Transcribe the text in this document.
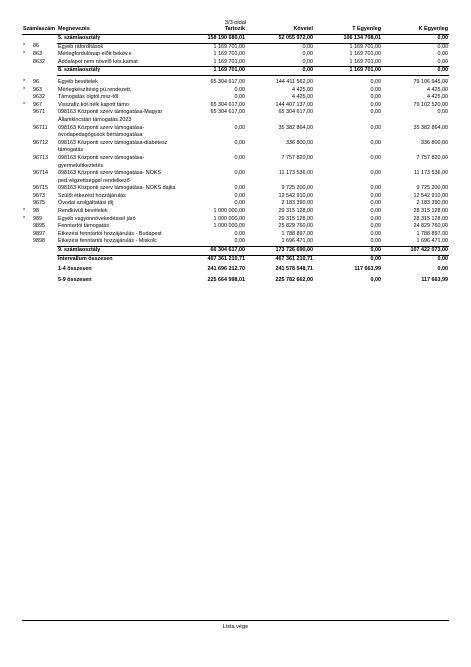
3/3 oldal
Számlaszám		Megnevezés	Tartozik	Követel	T Egyenleg	K Egyenleg
		5. számlaosztály	158 190 680,01	52 055 972,00	106 134 708,01	0,00
*	86	Egyéb ráfordítások	1 169 701,00	0,00	1 169 701,00	0,00
*	863	Mérlegfordulónap előtt beköv.e	1 169 701,00	0,00	1 169 701,00	0,00
	8632	Adóalapot nem növelő kés.kamat	1 169 701,00	0,00	1 169 701,00	0,00
		8. számlaosztály	1 169 701,00	0,00	1 169 701,00	0,00

*	96	Egyéb bevételek	65 304 617,00	144 411 562,00	0,00	79 106 945,00
*	963	Mérlegkészítésig pü.rendezett,	0,00	4 425,00	0,00	4 425,00
	9632	Támogatás oigtól,msz-től	0,00	4 425,00	0,00	4 425,00
*	967	Visszafiz.kót.nélk kapott támo	65 304 617,00	144 407 137,00	0,00	79 102 520,00
	9671	098163 Központi szerv támogatása-Magyar Államkincstári támogatás 2023	65 304 617,00	65 304 617,00	0,00	0,00
	96711	098163 Központi szerv támogatása-óvodapedagógusok bértámogatása	0,00	35 382 864,00	0,00	35 382 864,00
	96712	098163 Központi szerv támogatása-diabétesz támogatás	0,00	336 800,00	0,00	336 800,00
	96713	098163 Központi szerv támogatása-gyermekétkeztetés	0,00	7 757 820,00	0,00	7 757 820,00
	96714	098163 Központi szerv támogatása- NOKS ped.végzettséggel rendelkező	0,00	11 173 536,00	0,00	11 173 536,00
	96715	098163 Központi szerv támogatása- NOKS dajka	0,00	9 725 200,00	0,00	9 725 200,00
	9673	Szülői étkezési hozzájárulás	0,00	12 542 910,00	0,00	12 542 910,00
	9675	Óvodai szolgáltatási díj	0,00	2 183 390,00	0,00	2 183 390,00
*	98	Rendkívüli bevételek	1 000 000,00	29 315 128,00	0,00	28 315 128,00
*	989	Egyéb vagyonnövekedéssel járó	1 000 000,00	29 315 128,00	0,00	28 315 128,00
	9895	Fenntartói támogatás	1 000 000,00	25 829 760,00	0,00	24 829 760,00
	9897	Étkezési fenntartói hozzájárulás - Budapest	0,00	1 788 897,00	0,00	1 788 897,00
	9898	Étkezési fenntartói hozzájárulás - Miskolc	0,00	1 696 471,00	0,00	1 696 471,00
		9. számlaosztály	66 304 617,00	173 726 690,00	0,00	107 422 073,00
		Intervallum összesen	467 361 210,71	467 361 210,71	0,00	0,00

		1-4 összesen	241 696 212,70	241 578 548,71	117 663,99	0,00

		5-9 összesen	225 664 998,01	225 782 662,00	0,00	117 663,99
Lista vége
